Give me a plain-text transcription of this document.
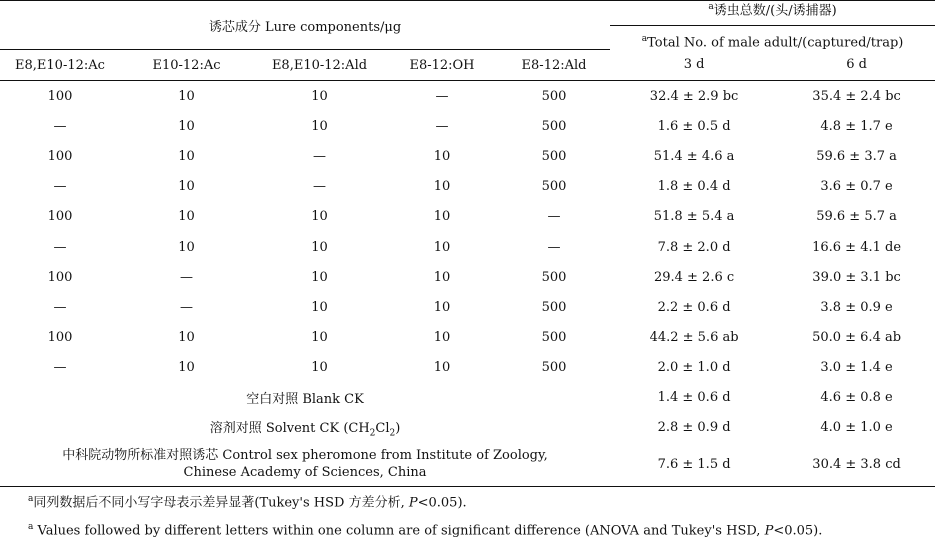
诱芯成分 Lure components/μg					$^a$诱虫总数/(头/诱捕器)
$^a$Total No. of male adult/(captured/trap)	

E8,E10-12:Ac	E10-12:Ac	E8,E10-12:Ald	E8-12:OH	E8-12:Ald	3 d	6 d
100	10	10	—	500	32.4 ± 2.9 bc	35.4 ± 2.4 bc
—	10	10	—	500	1.6 ± 0.5 d	4.8 ± 1.7 e
100	10	—	10	500	51.4 ± 4.6 a	59.6 ± 3.7 a
—	10	—	10	500	1.8 ± 0.4 d	3.6 ± 0.7 e
100	10	10	10	—	51.8 ± 5.4 a	59.6 ± 5.7 a
—	10	10	10	—	7.8 ± 2.0 d	16.6 ± 4.1 de
100	—	10	10	500	29.4 ± 2.6 c	39.0 ± 3.1 bc
—	—	10	10	500	2.2 ± 0.6 d	3.8 ± 0.9 e
100	10	10	10	500	44.2 ± 5.6 ab	50.0 ± 6.4 ab
—	10	10	10	500	2.0 ± 1.0 d	3.0 ± 1.4 e
空白对照 Blank CK					1.4 ± 0.6 d	4.6 ± 0.8 e
溶剂对照 Solvent CK $(CH_2Cl_2)$					2.8 ± 0.9 d	4.0 ± 1.0 e

中科院动物所标准对照诱芯 Control sex pheromone from Institute of Zoology,
Chinese Academy of Sciences, China					7.6 ± 1.5 d	30.4 ± 3.8 cd
$^a$同列数据后不同小写字母表示差异显著(Tukey's HSD 方差分析, P<0.05).
$^a$ Values followed by different letters within one column are of significant difference (ANOVA and Tukey's HSD, P<0.05).
